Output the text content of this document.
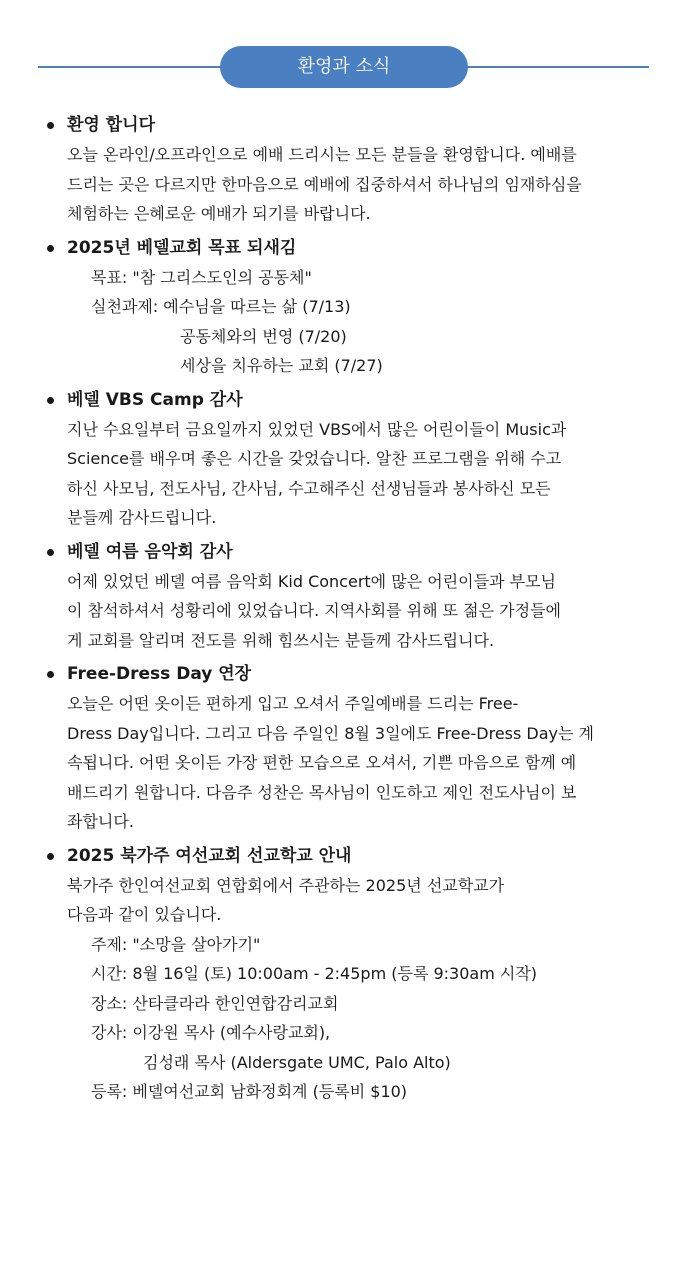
환영과 소식
환영 합니다
오늘 온라인/오프라인으로 예배 드리시는 모든 분들을 환영합니다. 예배를
드리는 곳은 다르지만 한마음으로 예배에 집중하셔서 하나님의 임재하심을
체험하는 은혜로운 예배가 되기를 바랍니다.
2025년 베델교회 목표 되새김
목표: "참 그리스도인의 공동체"
실천과제: 예수님을 따르는 삶 (7/13)
공동체와의 번영 (7/20)
세상을 치유하는 교회 (7/27)
베델 VBS Camp 감사
지난 수요일부터 금요일까지 있었던 VBS에서 많은 어린이들이 Music과
Science를 배우며 좋은 시간을 갖었습니다. 알찬 프로그램을 위해 수고
하신 사모님, 전도사님, 간사님, 수고해주신 선생님들과 봉사하신 모든
분들께 감사드립니다.
베델 여름 음악회 감사
어제 있었던 베델 여름 음악회 Kid Concert에 많은 어린이들과 부모님
이 참석하셔서 성황리에 있었습니다. 지역사회를 위해 또 젊은 가정들에
게 교회를 알리며 전도를 위해 힘쓰시는 분들께 감사드립니다.
Free-Dress Day 연장
오늘은 어떤 옷이든 편하게 입고 오셔서 주일예배를 드리는 Free-
Dress Day입니다. 그리고 다음 주일인 8월 3일에도 Free-Dress Day는 계
속됩니다. 어떤 옷이든 가장 편한 모습으로 오셔서, 기쁜 마음으로 함께 예
배드리기 원합니다. 다음주 성찬은 목사님이 인도하고 제인 전도사님이 보
좌합니다.
2025 북가주 여선교회 선교학교 안내
북가주 한인여선교회 연합회에서 주관하는 2025년 선교학교가
다음과 같이 있습니다.
주제: "소망을 살아가기"
시간: 8월 16일 (토) 10:00am - 2:45pm (등록 9:30am 시작)
장소: 산타클라라 한인연합감리교회
강사: 이강원 목사 (예수사랑교회),
김성래 목사 (Aldersgate UMC, Palo Alto)
등록: 베델여선교회 남화정회계 (등록비 $10)
